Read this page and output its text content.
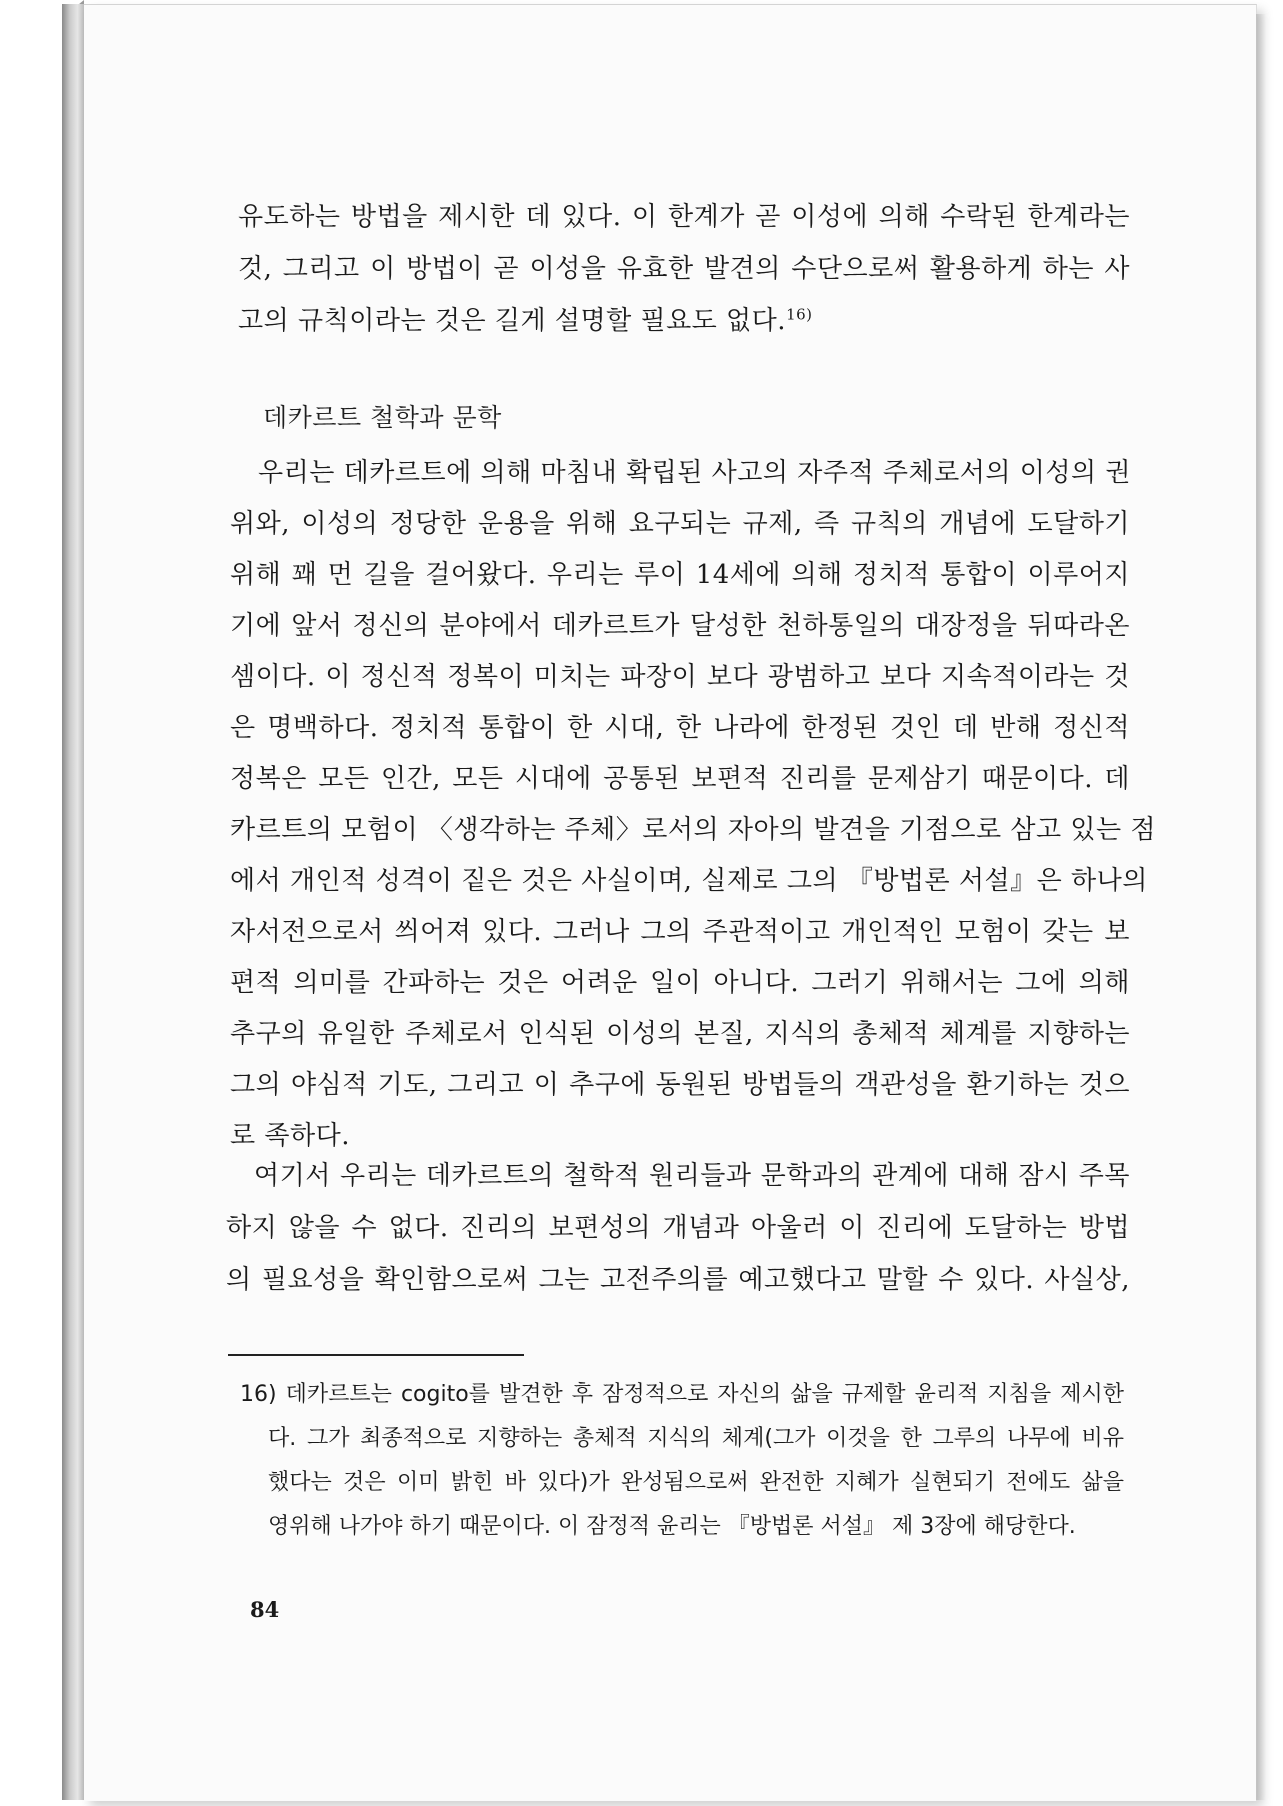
유도하는 방법을 제시한 데 있다. 이 한계가 곧 이성에 의해 수락된 한계라는
것, 그리고 이 방법이 곧 이성을 유효한 발견의 수단으로써 활용하게 하는 사
고의 규칙이라는 것은 길게 설명할 필요도 없다.$^{16)}$
데카르트 철학과 문학
우리는 데카르트에 의해 마침내 확립된 사고의 자주적 주체로서의 이성의 권
위와, 이성의 정당한 운용을 위해 요구되는 규제, 즉 규칙의 개념에 도달하기
위해 꽤 먼 길을 걸어왔다. 우리는 루이 14세에 의해 정치적 통합이 이루어지
기에 앞서 정신의 분야에서 데카르트가 달성한 천하통일의 대장정을 뒤따라온
셈이다. 이 정신적 정복이 미치는 파장이 보다 광범하고 보다 지속적이라는 것
은 명백하다. 정치적 통합이 한 시대, 한 나라에 한정된 것인 데 반해 정신적
정복은 모든 인간, 모든 시대에 공통된 보편적 진리를 문제삼기 때문이다. 데
카르트의 모험이 〈생각하는 주체〉로서의 자아의 발견을 기점으로 삼고 있는 점
에서 개인적 성격이 짙은 것은 사실이며, 실제로 그의 『방법론 서설』은 하나의
자서전으로서 씌어져 있다. 그러나 그의 주관적이고 개인적인 모험이 갖는 보
편적 의미를 간파하는 것은 어려운 일이 아니다. 그러기 위해서는 그에 의해
추구의 유일한 주체로서 인식된 이성의 본질, 지식의 총체적 체계를 지향하는
그의 야심적 기도, 그리고 이 추구에 동원된 방법들의 객관성을 환기하는 것으
로 족하다.
여기서 우리는 데카르트의 철학적 원리들과 문학과의 관계에 대해 잠시 주목
하지 않을 수 없다. 진리의 보편성의 개념과 아울러 이 진리에 도달하는 방법
의 필요성을 확인함으로써 그는 고전주의를 예고했다고 말할 수 있다. 사실상,
16) 데카르트는 cogito를 발견한 후 잠정적으로 자신의 삶을 규제할 윤리적 지침을 제시한
다. 그가 최종적으로 지향하는 총체적 지식의 체계(그가 이것을 한 그루의 나무에 비유
했다는 것은 이미 밝힌 바 있다)가 완성됨으로써 완전한 지혜가 실현되기 전에도 삶을
영위해 나가야 하기 때문이다. 이 잠정적 윤리는 『방법론 서설』 제 3장에 해당한다.
84
